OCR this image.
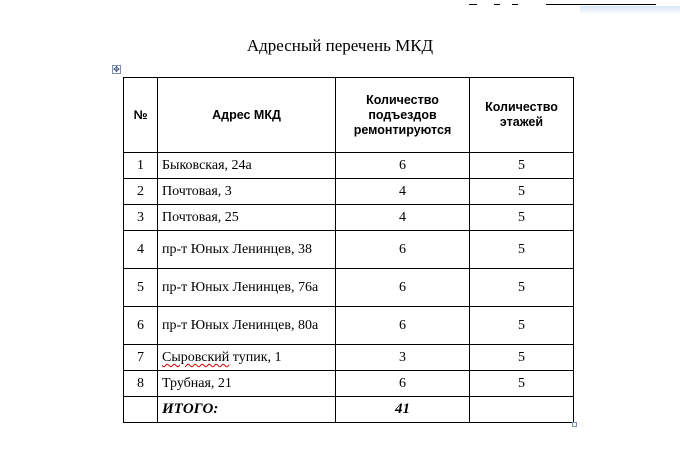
Адресный перечень МКД
✥
№	Адрес МКД	Количество подъездов ремонтируются	Количество этажей
1	Быковская, 24а	6	5
2	Почтовая, 3	4	5
3	Почтовая, 25	4	5
4	пр-т Юных Ленинцев, 38	6	5
5	пр-т Юных Ленинцев, 76а	6	5
6	пр-т Юных Ленинцев, 80а	6	5
7	Сыровский тупик, 1	3	5
8	Трубная, 21	6	5
	ИТОГО:	41	
